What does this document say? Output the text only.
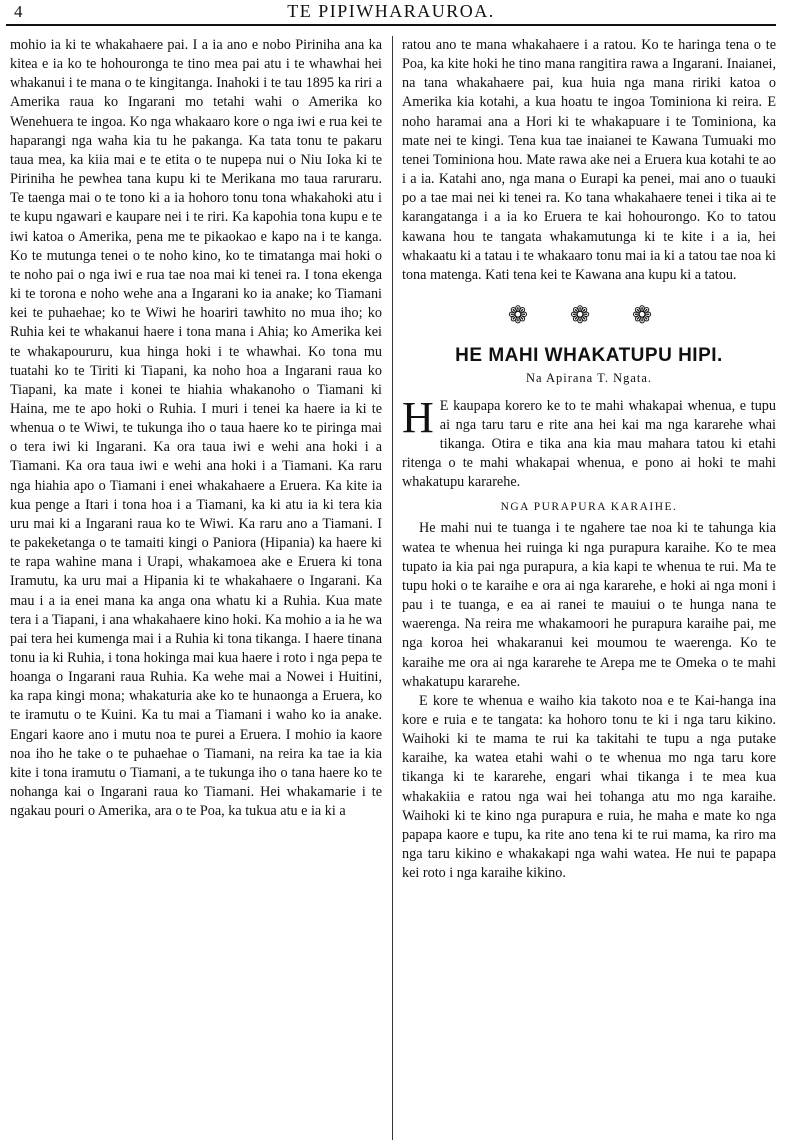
4	TE PIPIWHARAUROA.

mohio ia ki te whakahaere pai. I a ia ano e nobo Piriniha ana ka kitea e ia ko te hohouronga te tino mea pai atu i te whawhai hei whakanui i te mana o te kingitanga. Inahoki i te tau 1895 ka riri a Amerika raua ko Ingarani mo tetahi wahi o Amerika ko Wenehuera te ingoa. Ko nga whakaaro kore o nga iwi e rua kei te haparangi nga waha kia tu he pakanga. Ka tata tonu te pakaru taua mea, ka kiia mai e te etita o te nupepa nui o Niu Ioka ki te Piriniha he pewhea tana kupu ki te Merikana mo taua raruraru. Te taenga mai o te tono ki a ia hohoro tonu tona whakahoki atu i te kupu ngawari e kaupare nei i te riri. Ka kapohia tona kupu e te iwi katoa o Amerika, pena me te pikaokao e kapo na i te kanga. Ko te mutunga tenei o te noho kino, ko te timatanga mai hoki o te noho pai o nga iwi e rua tae noa mai ki tenei ra. I tona ekenga ki te torona e noho wehe ana a Ingarani ko ia anake; ko Tiamani kei te puhaehae; ko te Wiwi he hoariri tawhito no mua iho; ko Ruhia kei te whakanui haere i tona mana i Ahia; ko Amerika kei te whakapoururu, kua hinga hoki i te whawhai. Ko tona mu tuatahi ko te Tiriti ki Tiapani, ka noho hoa a Ingarani raua ko Tiapani, ka mate i konei te hiahia whakanoho o Tiamani ki Haina, me te apo hoki o Ruhia. I muri i tenei ka haere ia ki te whenua o te Wiwi, te tukunga iho o taua haere ko te piringa mai o tera iwi ki Ingarani. Ka ora taua iwi e wehi ana hoki i a Tiamani. Ka ora taua iwi e wehi ana hoki i a Tiamani. Ka raru nga hiahia apo o Tiamani i enei whakahaere a Eruera. Ka kite ia kua penge a Itari i tona hoa i a Tiamani, ka ki atu ia ki tera kia uru mai ki a Ingarani raua ko te Wiwi. Ka raru ano a Tiamani. I te pakeketanga o te tamaiti kingi o Paniora (Hipania) ka haere ki te rapa wahine mana i Urapi, whakamoea ake e Eruera ki tona Iramutu, ka uru mai a Hipania ki te whakahaere o Ingarani. Ka mau i a ia enei mana ka anga ona whatu ki a Ruhia. Kua mate tera i a Tiapani, i ana whakahaere kino hoki. Ka mohio a ia he wa pai tera hei kumenga mai i a Ruhia ki tona tikanga. I haere tinana tonu ia ki Ruhia, i tona hokinga mai kua haere i roto i nga pepa te hoanga o Ingarani raua Ruhia. Ka wehe mai a Nowei i Huitini, ka rapa kingi mona; whakaturia ake ko te hunaonga a Eruera, ko te iramutu o te Kuini. Ka tu mai a Tiamani i waho ko ia anake. Engari kaore ano i mutu noa te purei a Eruera. I mohio ia kaore noa iho he take o te puhaehae o Tiamani, na reira ka tae ia kia kite i tona iramutu o Tiamani, a te tukunga iho o tana haere ko te nohanga kai o Ingarani raua ko Tiamani. Hei whakamarie i te ngakau pouri o Amerika, ara o te Poa, ka tukua atu e ia ki a

ratou ano te mana whakahaere i a ratou. Ko te haringa tena o te Poa, ka kite hoki he tino mana rangitira rawa a Ingarani. Inaianei, na tana whakahaere pai, kua huia nga mana ririki katoa o Amerika kia kotahi, a kua hoatu te ingoa Tominiona ki reira. E noho haramai ana a Hori ki te whakapuare i te Tominiona, ka mate nei te kingi. Tena kua tae inaianei te Kawana Tumuaki mo tenei Tominiona hou. Mate rawa ake nei a Eruera kua kotahi te ao i a ia. Katahi ano, nga mana o Eurapi ka penei, mai ano o tuauki po a tae mai nei ki tenei ra. Ko tana whakahaere tenei i tika ai te karangatanga i a ia ko Eruera te kai hohourongo. Ko to tatou kawana hou te tangata whakamutunga ki te kite i a ia, hei whakaatu ki a tatau i te whakaaro tonu mai ia ki a tatou tae noa ki tona matenga. Kati tena kei te Kawana ana kupu ki a tatou.

❁ ❁ ❁
HE MAHI WHAKATUPU HIPI.
Na Apirana T. Ngata.

H E kaupapa korero ke to te mahi whakapai whenua, e tupu ai nga taru taru e rite ana hei kai ma nga kararehe whai tikanga. Otira e tika ana kia mau mahara tatou ki etahi ritenga o te mahi whakapai whenua, e pono ai hoki te mahi whakatupu kararehe.

NGA PURAPURA KARAIHE.

He mahi nui te tuanga i te ngahere tae noa ki te tahunga kia watea te whenua hei ruinga ki nga purapura karaihe. Ko te mea tupato ia kia pai nga purapura, a kia kapi te whenua te rui. Ma te tupu hoki o te karaihe e ora ai nga kararehe, e hoki ai nga moni i pau i te tuanga, e ea ai ranei te mauiui o te hunga nana te waerenga. Na reira me whakamoori he purapura karaihe pai, me nga koroa hei whakaranui kei moumou te waerenga. Ko te karaihe me ora ai nga kararehe te Arepa me te Omeka o te mahi whakatupu kararehe.

E kore te whenua e waiho kia takoto noa e te Kai-hanga ina kore e ruia e te tangata: ka hohoro tonu te ki i nga taru kikino. Waihoki ki te mama te rui ka takitahi te tupu a nga putake karaihe, ka watea etahi wahi o te whenua mo nga taru kore tikanga ki te kararehe, engari whai tikanga i te mea kua whakakiia e ratou nga wai hei tohanga atu mo nga karaihe. Waihoki ki te kino nga purapura e ruia, he maha e mate ko nga papapa kaore e tupu, ka rite ano tena ki te rui mama, ka riro ma nga taru kikino e whakakapi nga wahi watea. He nui te papapa kei roto i nga karaihe kikino.
